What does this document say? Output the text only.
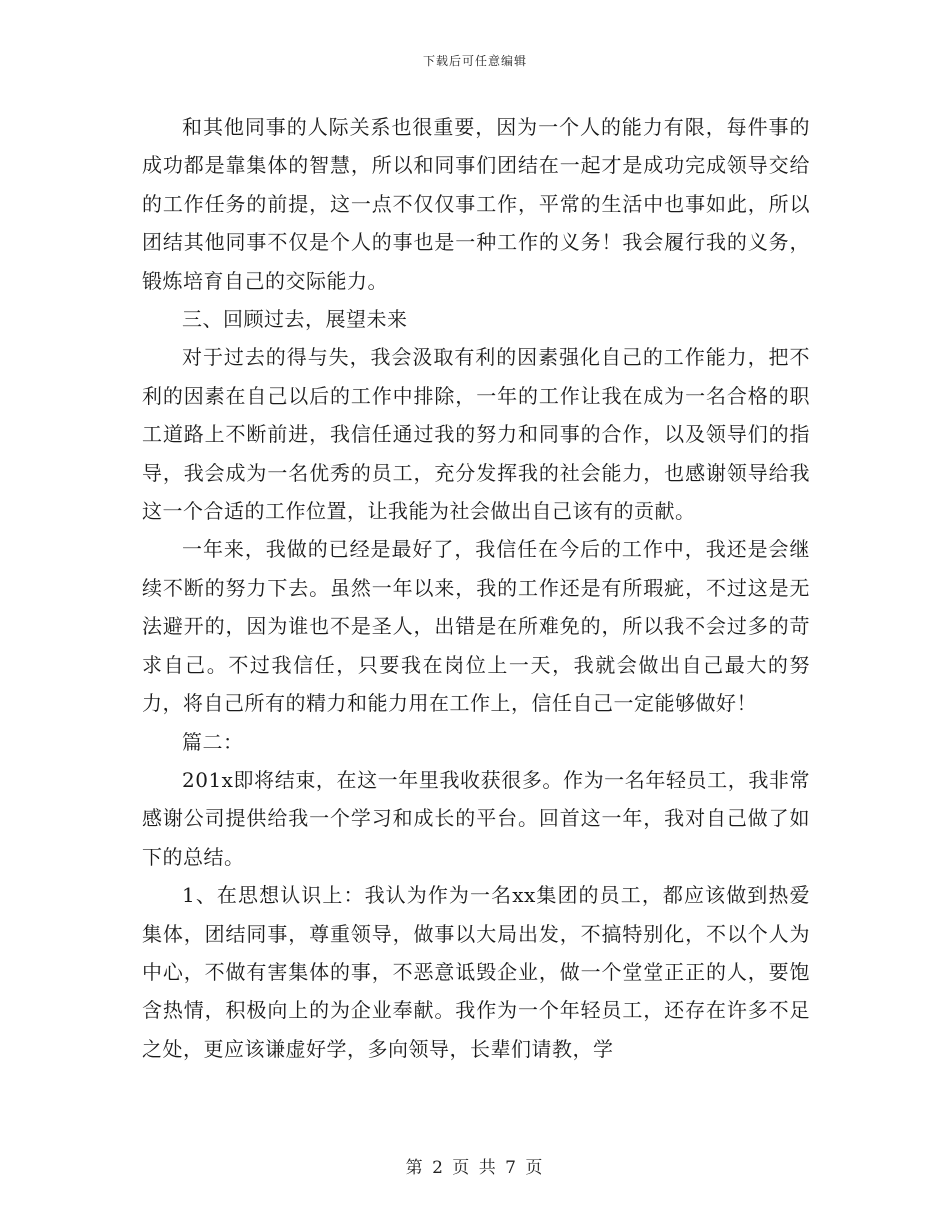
下载后可任意编辑

和其他同事的人际关系也很重要，因为一个人的能力有限，每件事的成功都是靠集体的智慧，所以和同事们团结在一起才是成功完成领导交给的工作任务的前提，这一点不仅仅事工作，平常的生活中也事如此，所以团结其他同事不仅是个人的事也是一种工作的义务！我会履行我的义务，锻炼培育自己的交际能力。

三、回顾过去，展望未来

对于过去的得与失，我会汲取有利的因素强化自己的工作能力，把不利的因素在自己以后的工作中排除，一年的工作让我在成为一名合格的职工道路上不断前进，我信任通过我的努力和同事的合作，以及领导们的指导，我会成为一名优秀的员工，充分发挥我的社会能力，也感谢领导给我这一个合适的工作位置，让我能为社会做出自己该有的贡献。

一年来，我做的已经是最好了，我信任在今后的工作中，我还是会继续不断的努力下去。虽然一年以来，我的工作还是有所瑕疵，不过这是无法避开的，因为谁也不是圣人，出错是在所难免的，所以我不会过多的苛求自己。不过我信任，只要我在岗位上一天，我就会做出自己最大的努力，将自己所有的精力和能力用在工作上，信任自己一定能够做好！

篇二：

201x即将结束，在这一年里我收获很多。作为一名年轻员工，我非常感谢公司提供给我一个学习和成长的平台。回首这一年，我对自己做了如下的总结。

1、在思想认识上：我认为作为一名xx集团的员工，都应该做到热爱集体，团结同事，尊重领导，做事以大局出发，不搞特别化，不以个人为中心，不做有害集体的事，不恶意诋毁企业，做一个堂堂正正的人，要饱含热情，积极向上的为企业奉献。我作为一个年轻员工，还存在许多不足之处，更应该谦虚好学，多向领导，长辈们请教，学

第 2 页 共 7 页
